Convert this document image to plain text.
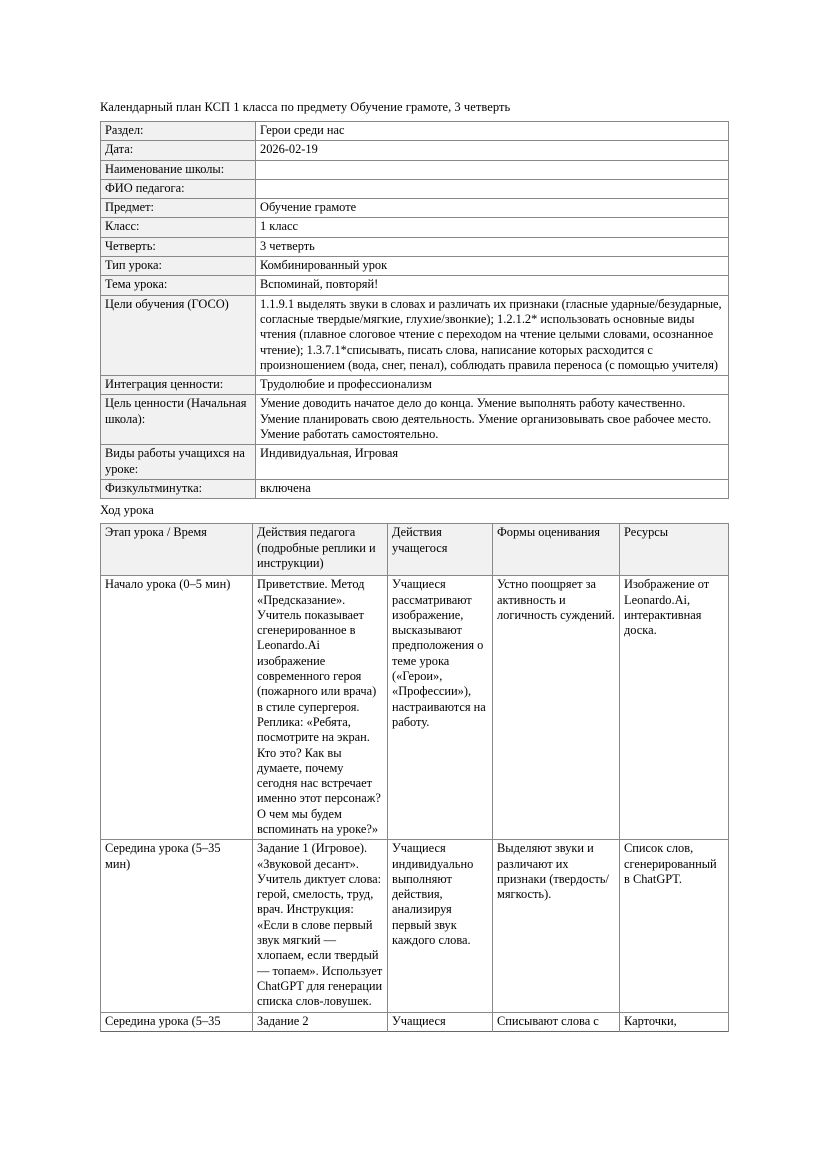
Календарный план КСП 1 класса по предмету Обучение грамоте, 3 четверть
Раздел:	Герои среди нас
Дата:	2026-02-19
Наименование школы:	
ФИО педагога:	
Предмет:	Обучение грамоте
Класс:	1 класс
Четверть:	3 четверть
Тип урока:	Комбинированный урок
Тема урока:	Вспоминай, повторяй!
Цели обучения (ГОСО)	1.1.9.1 выделять звуки в словах и различать их признаки (гласные ударные/безударные, согласные твердые/мягкие, глухие/звонкие); 1.2.1.2* использовать основные виды чтения (плавное слоговое чтение с переходом на чтение целыми словами, осознанное чтение); 1.3.7.1*списывать, писать слова, написание которых расходится с произношением (вода, снег, пенал), соблюдать правила переноса (с помощью учителя)
Интеграция ценности:	Трудолюбие и профессионализм
Цель ценности (Начальная школа):	Умение доводить начатое дело до конца. Умение выполнять работу качественно. Умение планировать свою деятельность. Умение организовывать свое рабочее место. Умение работать самостоятельно.
Виды работы учащихся на уроке:	Индивидуальная, Игровая
Физкультминутка:	включена
Ход урока
Этап урока / Время	Действия педагога (подробные реплики и инструкции)	Действия учащегося	Формы оценивания	Ресурсы
Начало урока (0–5 мин)	Приветствие. Метод «Предсказание». Учитель показывает сгенерированное в Leonardo.Ai изображение современного героя (пожарного или врача) в стиле супергероя. Реплика: «Ребята, посмотрите на экран. Кто это? Как вы думаете, почему сегодня нас встречает именно этот персонаж? О чем мы будем вспоминать на уроке?»	Учащиеся рассматривают изображение, высказывают предположения о теме урока («Герои», «Профессии»), настраиваются на работу.	Устно поощряет за активность и логичность суждений.	Изображение от Leonardo.Ai, интерактивная доска.
Середина урока (5–35 мин)	Задание 1 (Игровое). «Звуковой десант». Учитель диктует слова: герой, смелость, труд, врач. Инструкция: «Если в слове первый звук мягкий — хлопаем, если твердый — топаем». Использует ChatGPT для генерации списка слов-ловушек.	Учащиеся индивидуально выполняют действия, анализируя первый звук каждого слова.	Выделяют звуки и различают их признаки (твердость/мягкость).	Список слов, сгенерированный в ChatGPT.
Середина урока (5–35	Задание 2	Учащиеся	Списывают слова с	Карточки,
